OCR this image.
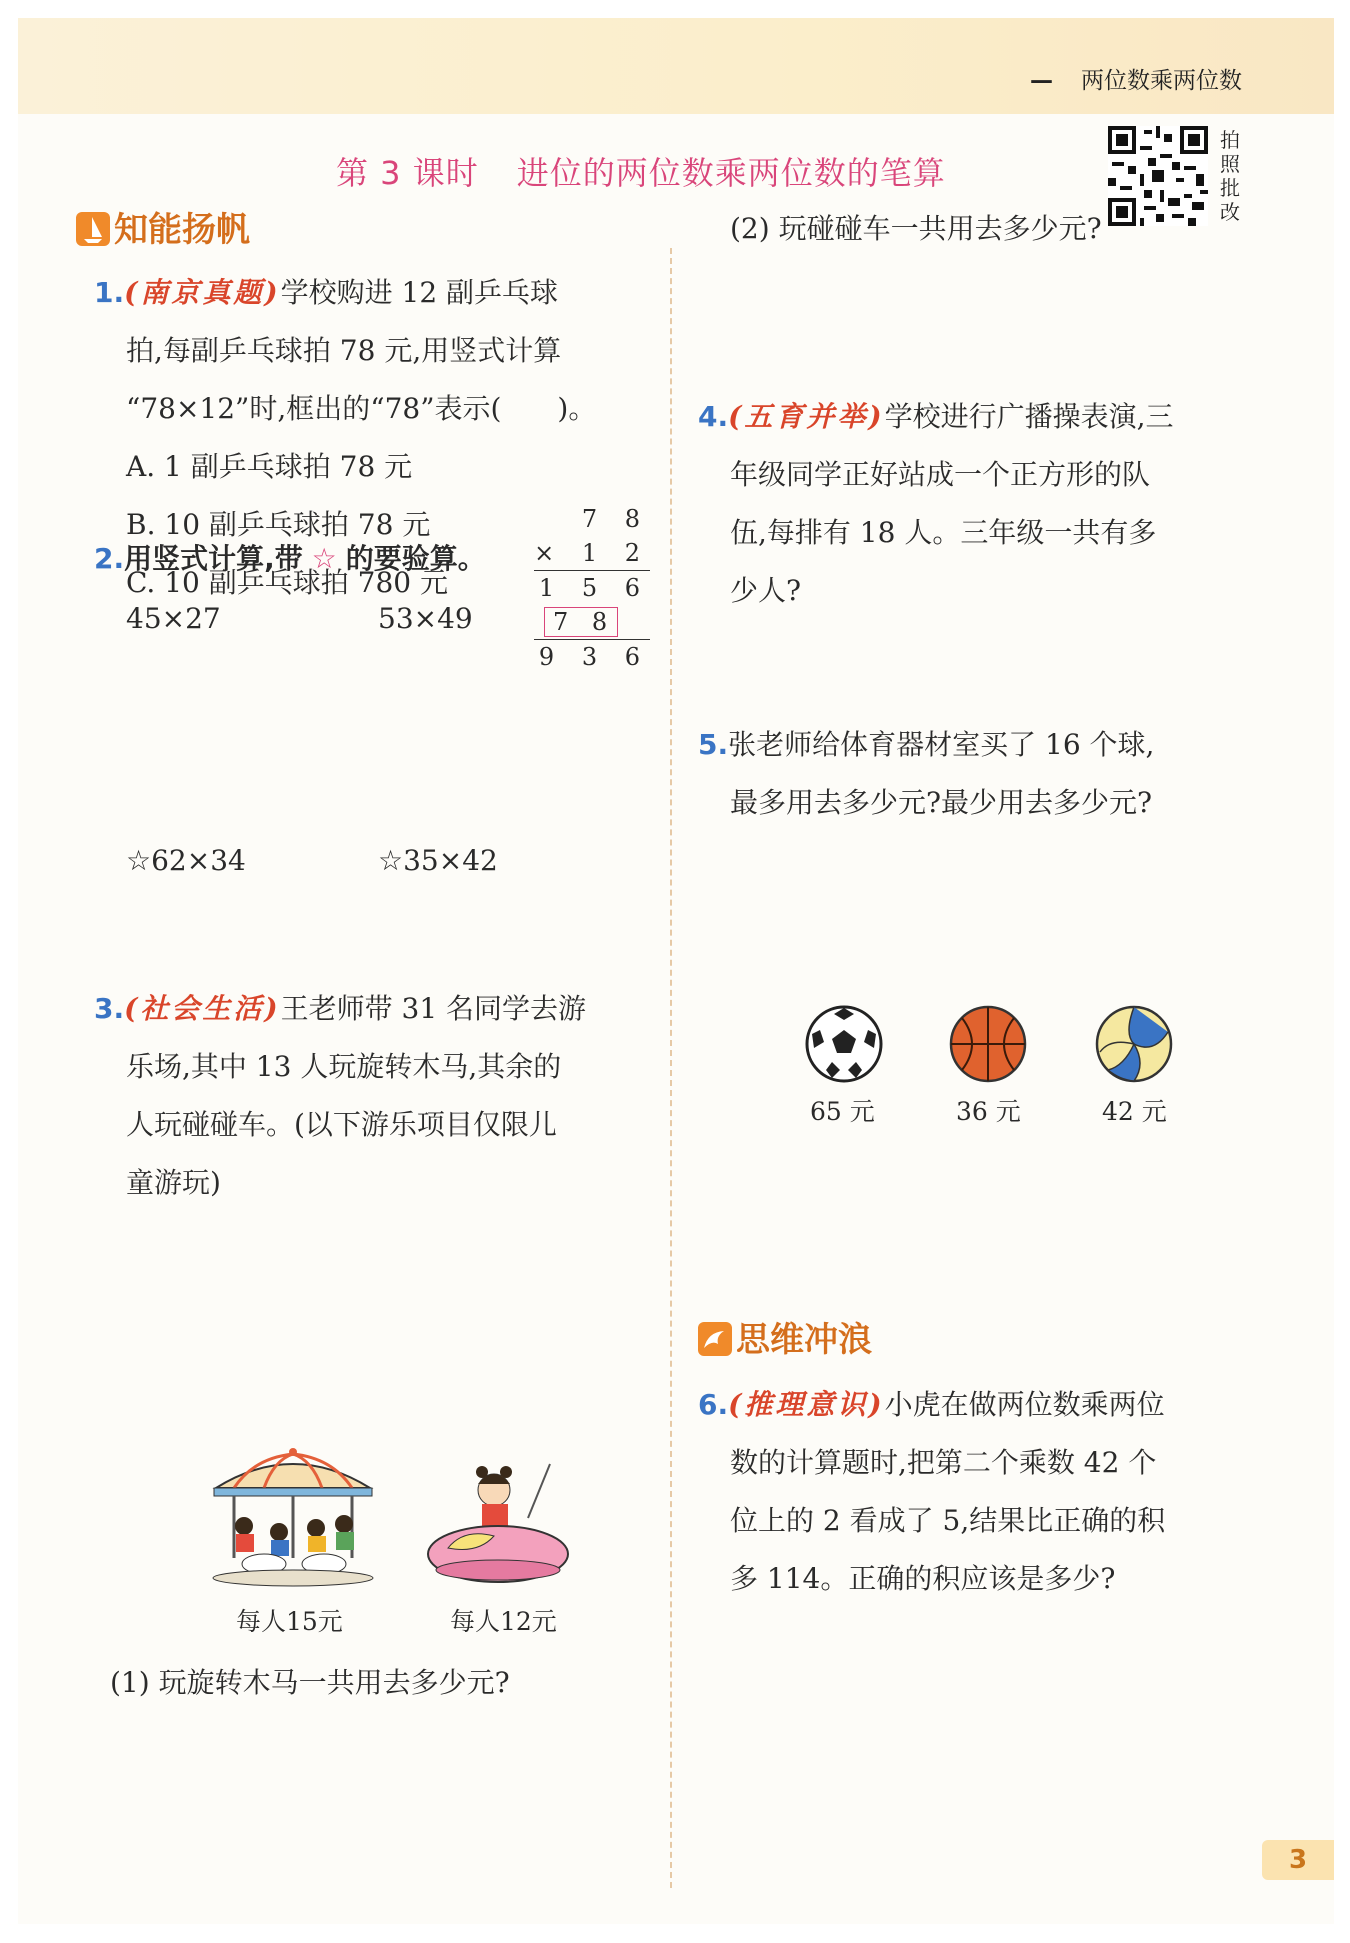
— 两位数乘两位数
第 3 课时 进位的两位数乘两位数的笔算
拍照批改
知能扬帆
1.(南京真题)学校购进 12 副乒乓球
拍,每副乒乓球拍 78 元,用竖式计算
“78×12”时,框出的“78”表示(　　)。
A. 1 副乒乓球拍 78 元
B. 10 副乒乓球拍 78 元
C. 10 副乒乓球拍 780 元
7 8
× 1 2
1 5 6
7 8
9 3 6
2.用竖式计算,带 ☆ 的要验算。
45×27	53×49
☆62×34	☆35×42
3.(社会生活)王老师带 31 名同学去游
乐场,其中 13 人玩旋转木马,其余的
人玩碰碰车。(以下游乐项目仅限儿
童游玩)
每人15元	每人12元
(1) 玩旋转木马一共用去多少元?
(2) 玩碰碰车一共用去多少元?
4.(五育并举)学校进行广播操表演,三
年级同学正好站成一个正方形的队
伍,每排有 18 人。三年级一共有多
少人?
5.张老师给体育器材室买了 16 个球,
最多用去多少元?最少用去多少元?
65 元	36 元	42 元
思维冲浪
6.(推理意识)小虎在做两位数乘两位
数的计算题时,把第二个乘数 42 个
位上的 2 看成了 5,结果比正确的积
多 114。正确的积应该是多少?
3
